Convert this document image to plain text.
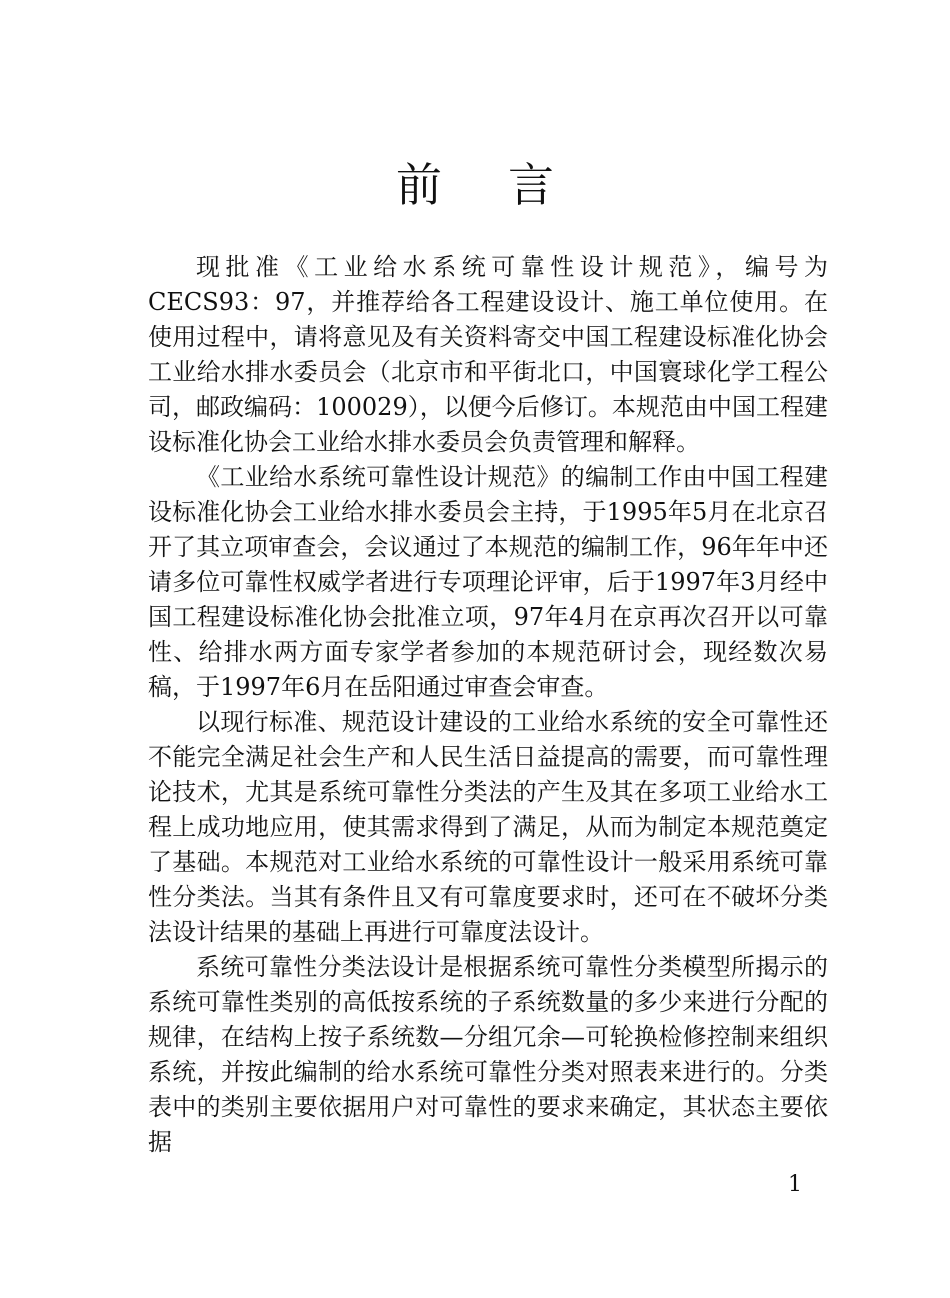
前言

现批准《工业给水系统可靠性设计规范》，编号为CECS93：97，并推荐给各工程建设设计、施工单位使用。在使用过程中，请将意见及有关资料寄交中国工程建设标准化协会工业给水排水委员会（北京市和平街北口，中国寰球化学工程公司，邮政编码：100029），以便今后修订。本规范由中国工程建设标准化协会工业给水排水委员会负责管理和解释。

《工业给水系统可靠性设计规范》的编制工作由中国工程建设标准化协会工业给水排水委员会主持，于1995年5月在北京召开了其立项审查会，会议通过了本规范的编制工作，96年年中还请多位可靠性权威学者进行专项理论评审，后于1997年3月经中国工程建设标准化协会批准立项，97年4月在京再次召开以可靠性、给排水两方面专家学者参加的本规范研讨会，现经数次易稿，于1997年6月在岳阳通过审查会审查。

以现行标准、规范设计建设的工业给水系统的安全可靠性还不能完全满足社会生产和人民生活日益提高的需要，而可靠性理论技术，尤其是系统可靠性分类法的产生及其在多项工业给水工程上成功地应用，使其需求得到了满足，从而为制定本规范奠定了基础。本规范对工业给水系统的可靠性设计一般采用系统可靠性分类法。当其有条件且又有可靠度要求时，还可在不破坏分类法设计结果的基础上再进行可靠度法设计。

系统可靠性分类法设计是根据系统可靠性分类模型所揭示的系统可靠性类别的高低按系统的子系统数量的多少来进行分配的规律，在结构上按子系统数—分组冗余—可轮换检修控制来组织系统，并按此编制的给水系统可靠性分类对照表来进行的。分类表中的类别主要依据用户对可靠性的要求来确定，其状态主要依据

1
